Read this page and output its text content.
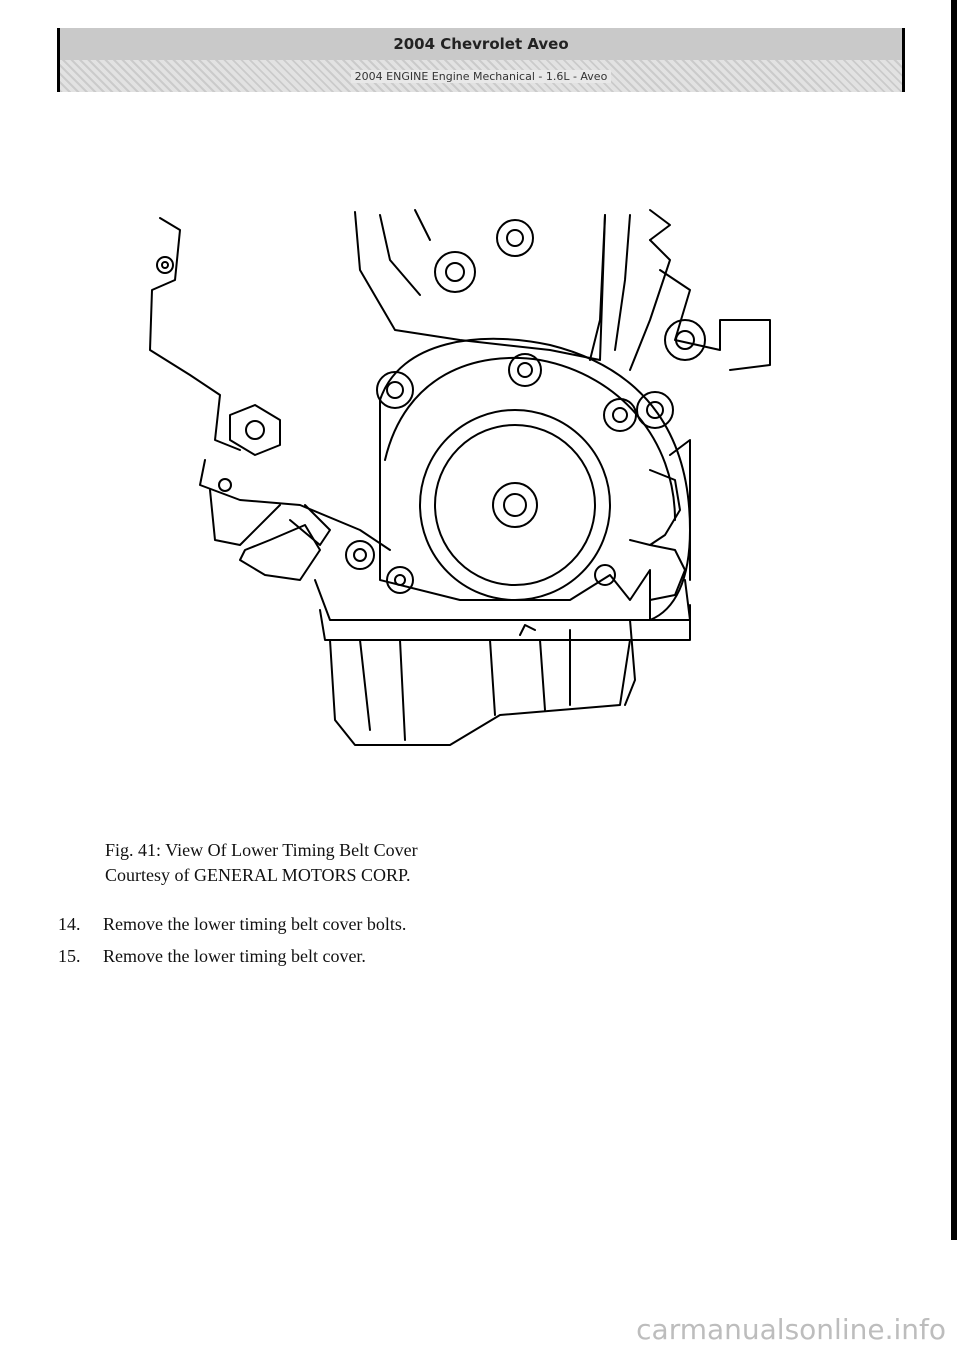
2004 Chevrolet Aveo
2004 ENGINE Engine Mechanical - 1.6L - Aveo
Fig. 41: View Of Lower Timing Belt Cover
Courtesy of GENERAL MOTORS CORP.
14.	Remove the lower timing belt cover bolts.
15.	Remove the lower timing belt cover.
carmanualsonline.info
